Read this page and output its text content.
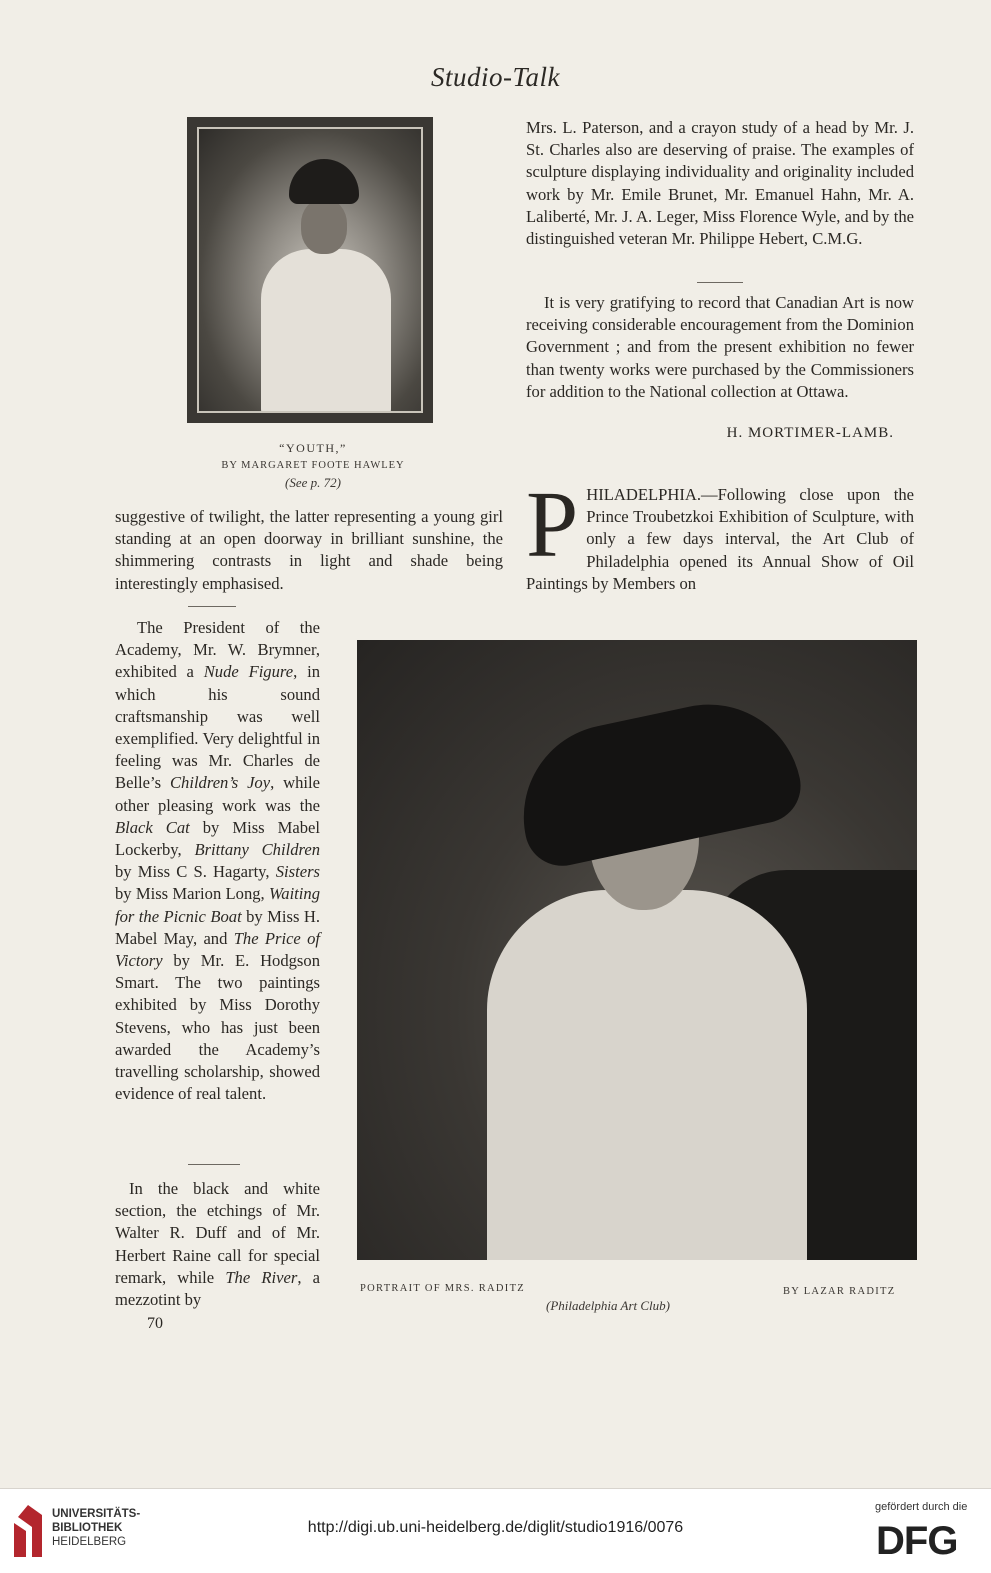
Studio-Talk
“YOUTH,”
BY MARGARET FOOTE HAWLEY
(See p. 72)

suggestive of twilight, the latter representing a young girl standing at an open doorway in brilliant sunshine, the shimmering contrasts in light and shade being interestingly emphasised.

The President of the Academy, Mr. W. Brymner, exhibited a Nude Figure, in which his sound craftsmanship was well exemplified. Very delightful in feeling was Mr. Charles de Belle’s Children’s Joy, while other pleasing work was the Black Cat by Miss Mabel Lockerby, Brittany Children by Miss C S. Hagarty, Sisters by Miss Marion Long, Waiting for the Picnic Boat by Miss H. Mabel May, and The Price of Victory by Mr. E. Hodgson Smart. The two paintings exhibited by Miss Dorothy Stevens, who has just been awarded the Academy’s travelling scholarship, showed evidence of real talent.

In the black and white section, the etchings of Mr. Walter R. Duff and of Mr. Herbert Raine call for special remark, while The River, a mezzotint by

Mrs. L. Paterson, and a crayon study of a head by Mr. J. St. Charles also are deserving of praise. The examples of sculpture displaying individuality and originality included work by Mr. Emile Brunet, Mr. Emanuel Hahn, Mr. A. Laliberté, Mr. J. A. Leger, Miss Florence Wyle, and by the distinguished veteran Mr. Philippe Hebert, C.M.G.

It is very gratifying to record that Canadian Art is now receiving considerable encouragement from the Dominion Government ; and from the present exhibition no fewer than twenty works were purchased by the Commissioners for addition to the National collection at Ottawa.

H. MORTIMER-LAMB.
P HILADELPHIA.—Following close upon the Prince Troubetzkoi Exhibition of Sculpture, with only a few days interval, the Art Club of Philadelphia opened its Annual Show of Oil Paintings by Members on
PORTRAIT OF MRS. RADITZ	BY LAZAR RADITZ
(Philadelphia Art Club)
70
UNIVERSITÄTS-
BIBLIOTHEK
HEIDELBERG
http://digi.ub.uni-heidelberg.de/diglit/studio1916/0076
gefördert durch die
DFG
